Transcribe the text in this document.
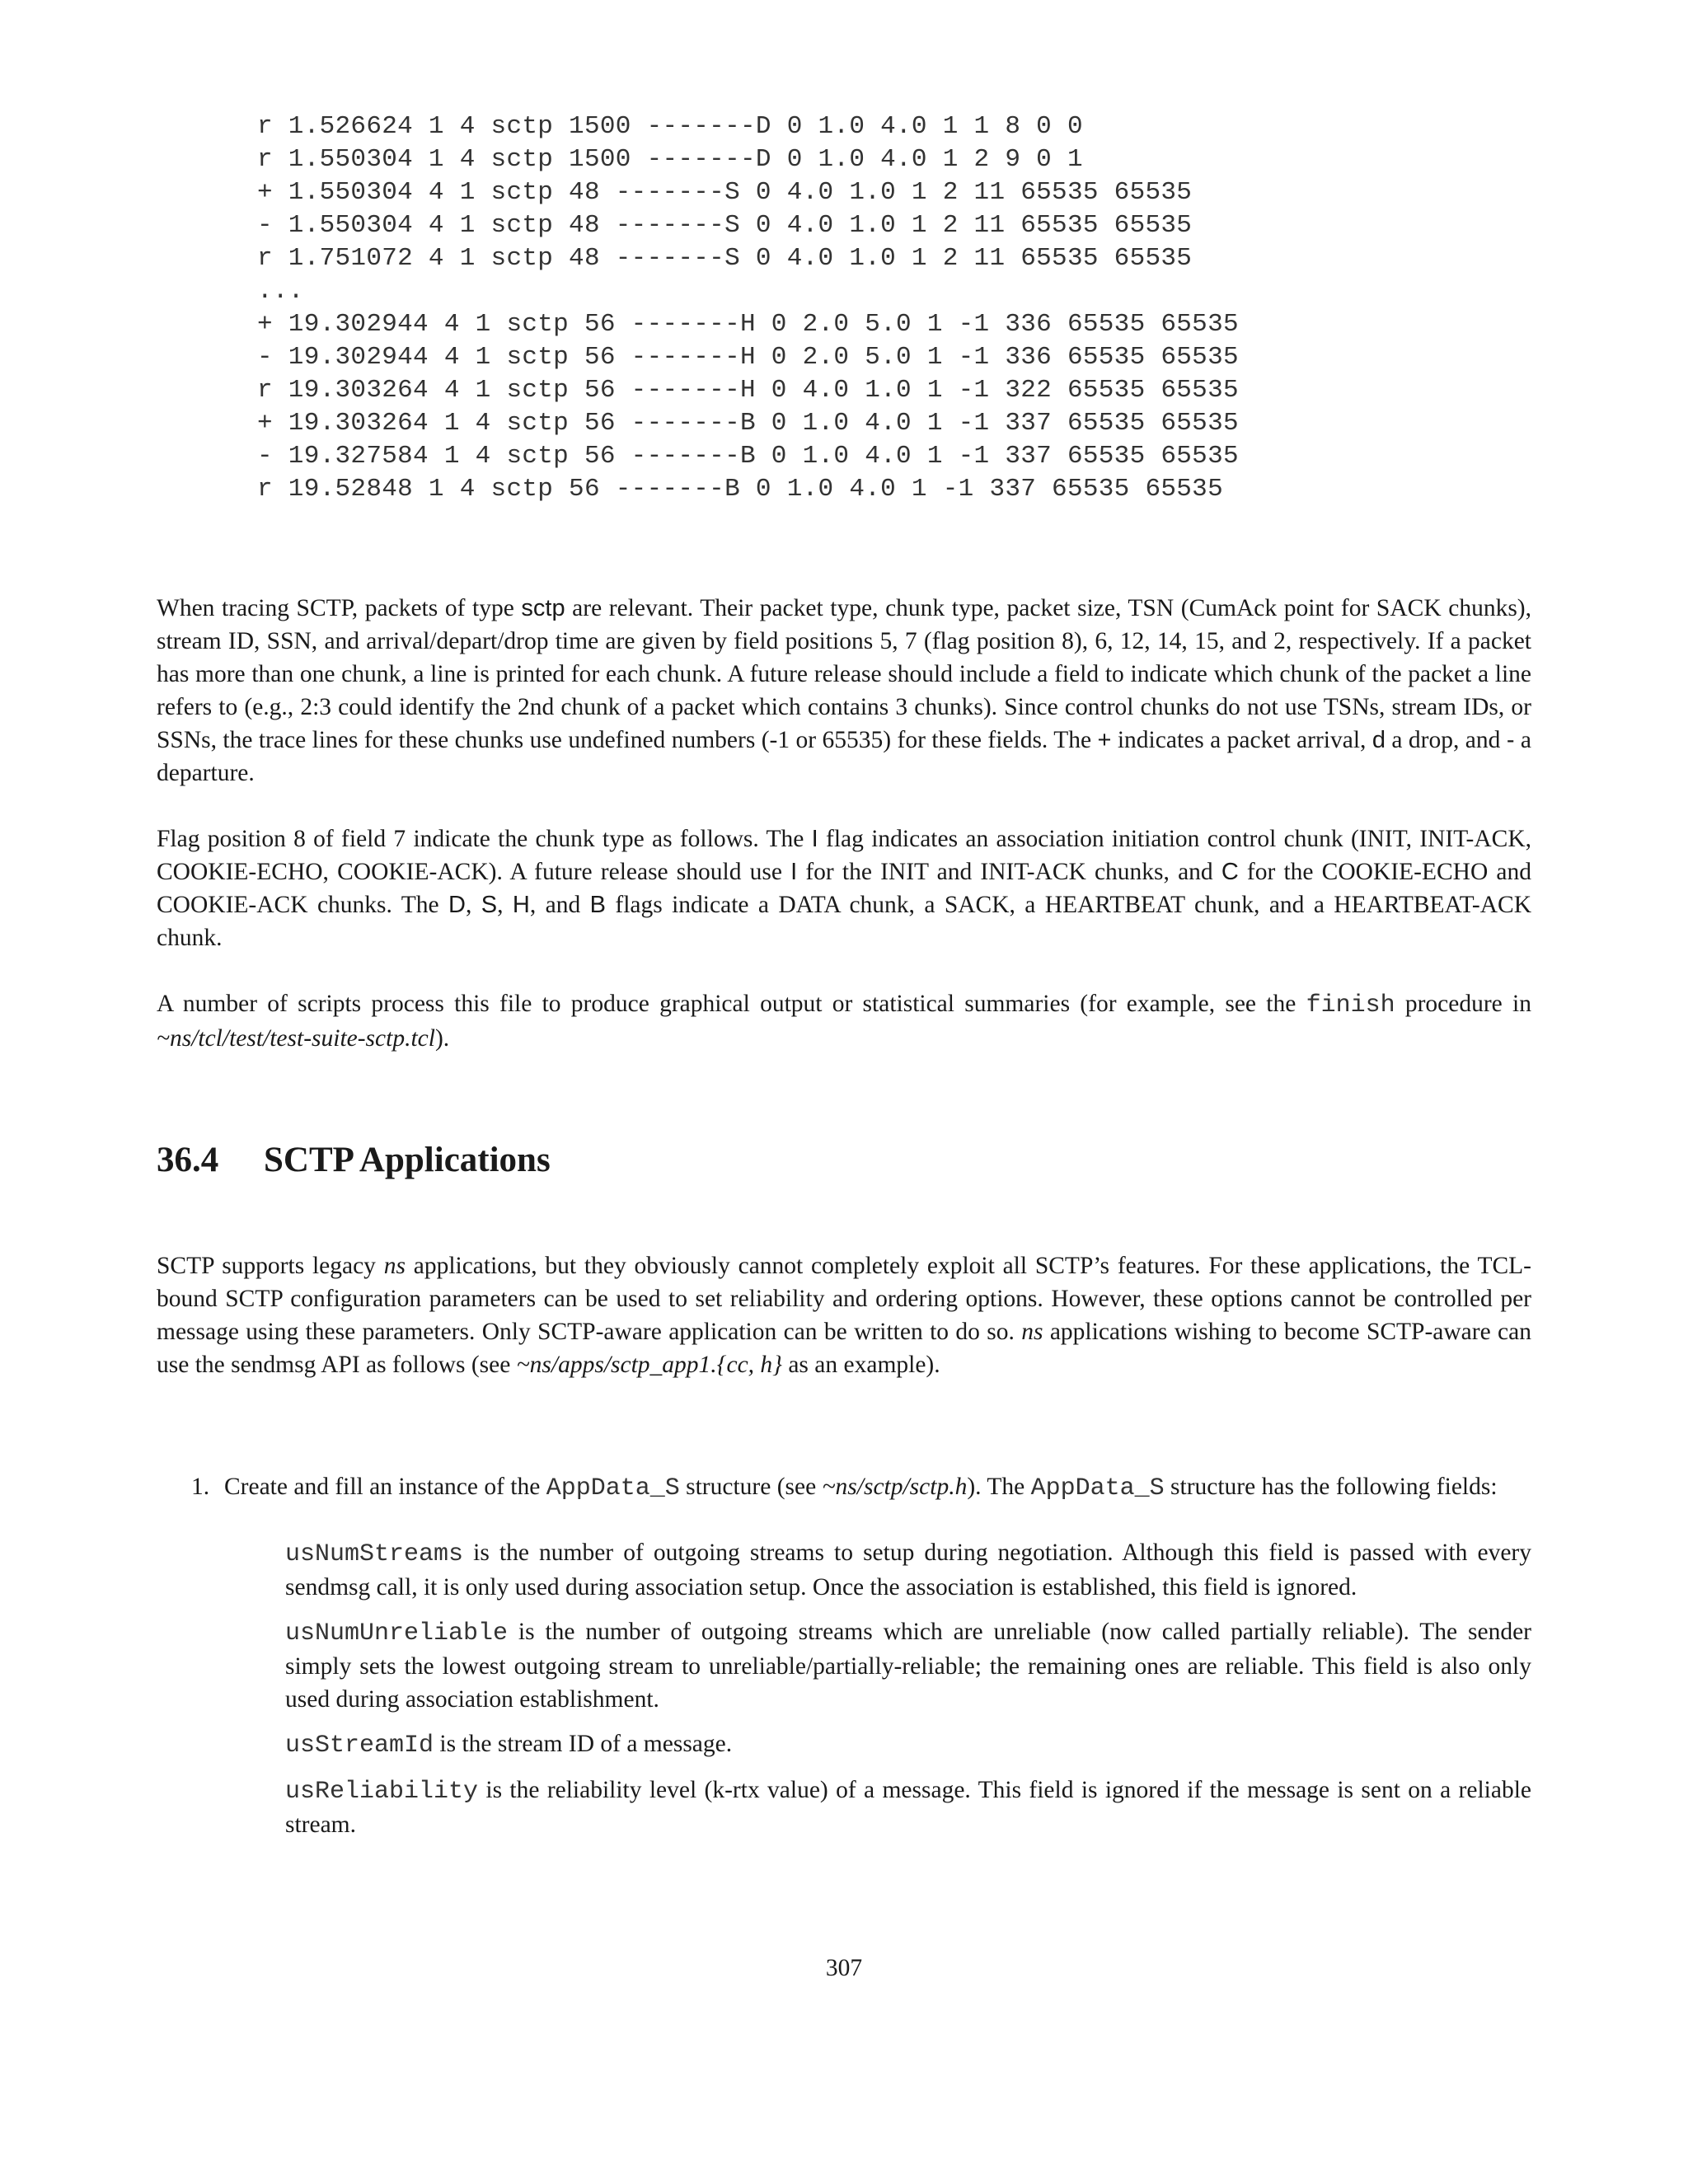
r 1.526624 1 4 sctp 1500 -------D 0 1.0 4.0 1 1 8 0 0
r 1.550304 1 4 sctp 1500 -------D 0 1.0 4.0 1 2 9 0 1
+ 1.550304 4 1 sctp 48 -------S 0 4.0 1.0 1 2 11 65535 65535
- 1.550304 4 1 sctp 48 -------S 0 4.0 1.0 1 2 11 65535 65535
r 1.751072 4 1 sctp 48 -------S 0 4.0 1.0 1 2 11 65535 65535
...
+ 19.302944 4 1 sctp 56 -------H 0 2.0 5.0 1 -1 336 65535 65535
- 19.302944 4 1 sctp 56 -------H 0 2.0 5.0 1 -1 336 65535 65535
r 19.303264 4 1 sctp 56 -------H 0 4.0 1.0 1 -1 322 65535 65535
+ 19.303264 1 4 sctp 56 -------B 0 1.0 4.0 1 -1 337 65535 65535
- 19.327584 1 4 sctp 56 -------B 0 1.0 4.0 1 -1 337 65535 65535
r 19.52848 1 4 sctp 56 -------B 0 1.0 4.0 1 -1 337 65535 65535

When tracing SCTP, packets of type sctp are relevant. Their packet type, chunk type, packet size, TSN (CumAck point for SACK chunks), stream ID, SSN, and arrival/depart/drop time are given by field positions 5, 7 (flag position 8), 6, 12, 14, 15, and 2, respectively. If a packet has more than one chunk, a line is printed for each chunk. A future release should include a field to indicate which chunk of the packet a line refers to (e.g., 2:3 could identify the 2nd chunk of a packet which contains 3 chunks). Since control chunks do not use TSNs, stream IDs, or SSNs, the trace lines for these chunks use undefined numbers (-1 or 65535) for these fields. The + indicates a packet arrival, d a drop, and - a departure.

Flag position 8 of field 7 indicate the chunk type as follows. The I flag indicates an association initiation control chunk (INIT, INIT-ACK, COOKIE-ECHO, COOKIE-ACK). A future release should use I for the INIT and INIT-ACK chunks, and C for the COOKIE-ECHO and COOKIE-ACK chunks. The D, S, H, and B flags indicate a DATA chunk, a SACK, a HEARTBEAT chunk, and a HEARTBEAT-ACK chunk.

A number of scripts process this file to produce graphical output or statistical summaries (for example, see the finish procedure in ~ns/tcl/test/test-suite-sctp.tcl).

36.4 SCTP Applications

SCTP supports legacy ns applications, but they obviously cannot completely exploit all SCTP’s features. For these applications, the TCL-bound SCTP configuration parameters can be used to set reliability and ordering options. However, these options cannot be controlled per message using these parameters. Only SCTP-aware application can be written to do so. ns applications wishing to become SCTP-aware can use the sendmsg API as follows (see ~ns/apps/sctp_app1.{cc, h} as an example).

1. Create and fill an instance of the AppData_S structure (see ~ns/sctp/sctp.h). The AppData_S structure has the following fields:

usNumStreams is the number of outgoing streams to setup during negotiation. Although this field is passed with every sendmsg call, it is only used during association setup. Once the association is established, this field is ignored.

usNumUnreliable is the number of outgoing streams which are unreliable (now called partially reliable). The sender simply sets the lowest outgoing stream to unreliable/partially-reliable; the remaining ones are reliable. This field is also only used during association establishment.

usStreamId is the stream ID of a message.

usReliability is the reliability level (k-rtx value) of a message. This field is ignored if the message is sent on a reliable stream.

307
